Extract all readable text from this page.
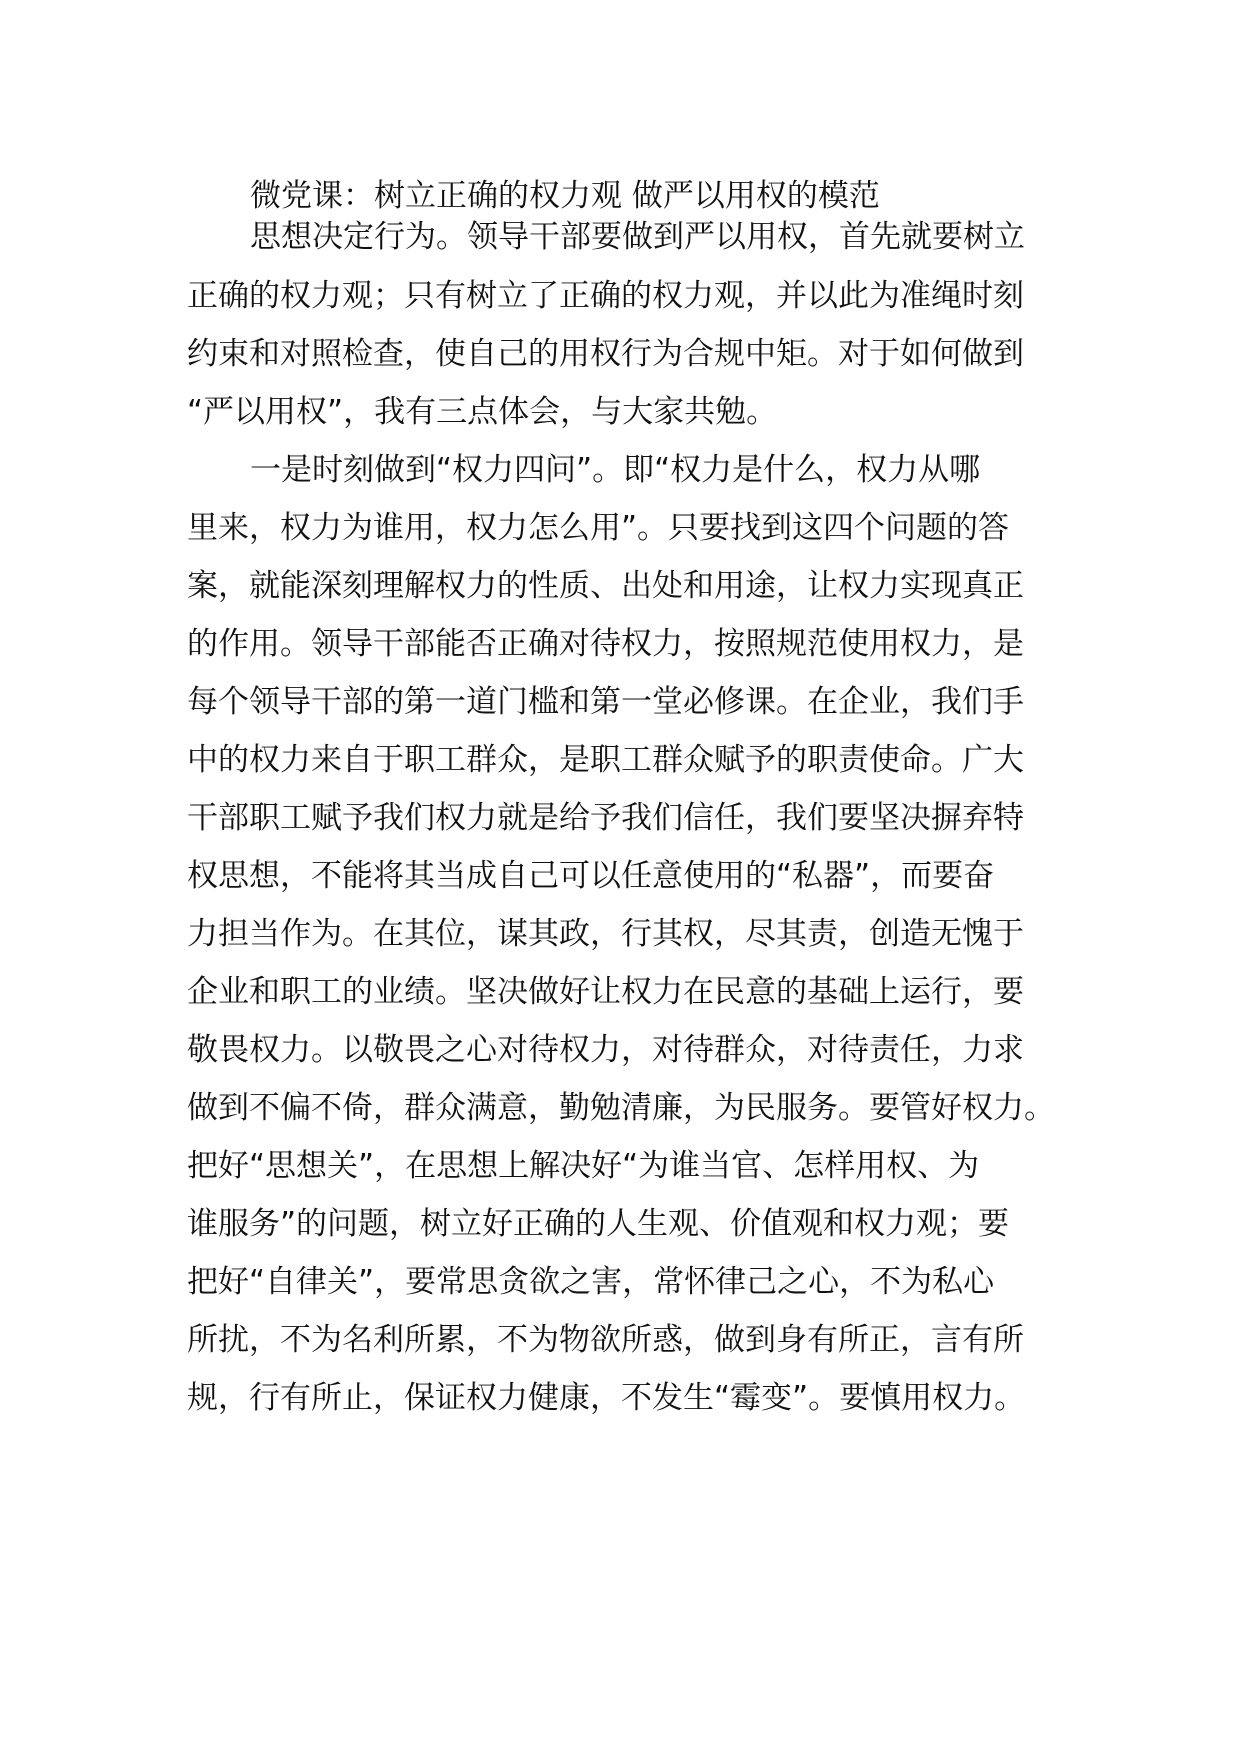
微党课：树立正确的权力观 做严以用权的模范
思想决定行为。领导干部要做到严以用权，首先就要树立
正确的权力观；只有树立了正确的权力观，并以此为准绳时刻
约束和对照检查，使自己的用权行为合规中矩。对于如何做到
“严以用权”，我有三点体会，与大家共勉。
一是时刻做到“权力四问”。即“权力是什么，权力从哪
里来，权力为谁用，权力怎么用”。只要找到这四个问题的答
案，就能深刻理解权力的性质、出处和用途，让权力实现真正
的作用。领导干部能否正确对待权力，按照规范使用权力，是
每个领导干部的第一道门槛和第一堂必修课。在企业，我们手
中的权力来自于职工群众，是职工群众赋予的职责使命。广大
干部职工赋予我们权力就是给予我们信任，我们要坚决摒弃特
权思想，不能将其当成自己可以任意使用的“私器”，而要奋
力担当作为。在其位，谋其政，行其权，尽其责，创造无愧于
企业和职工的业绩。坚决做好让权力在民意的基础上运行，要
敬畏权力。以敬畏之心对待权力，对待群众，对待责任，力求
做到不偏不倚，群众满意，勤勉清廉，为民服务。要管好权力。
把好“思想关”，在思想上解决好“为谁当官、怎样用权、为
谁服务”的问题，树立好正确的人生观、价值观和权力观；要
把好“自律关”，要常思贪欲之害，常怀律己之心，不为私心
所扰，不为名利所累，不为物欲所惑，做到身有所正，言有所
规，行有所止，保证权力健康，不发生“霉变”。要慎用权力。
